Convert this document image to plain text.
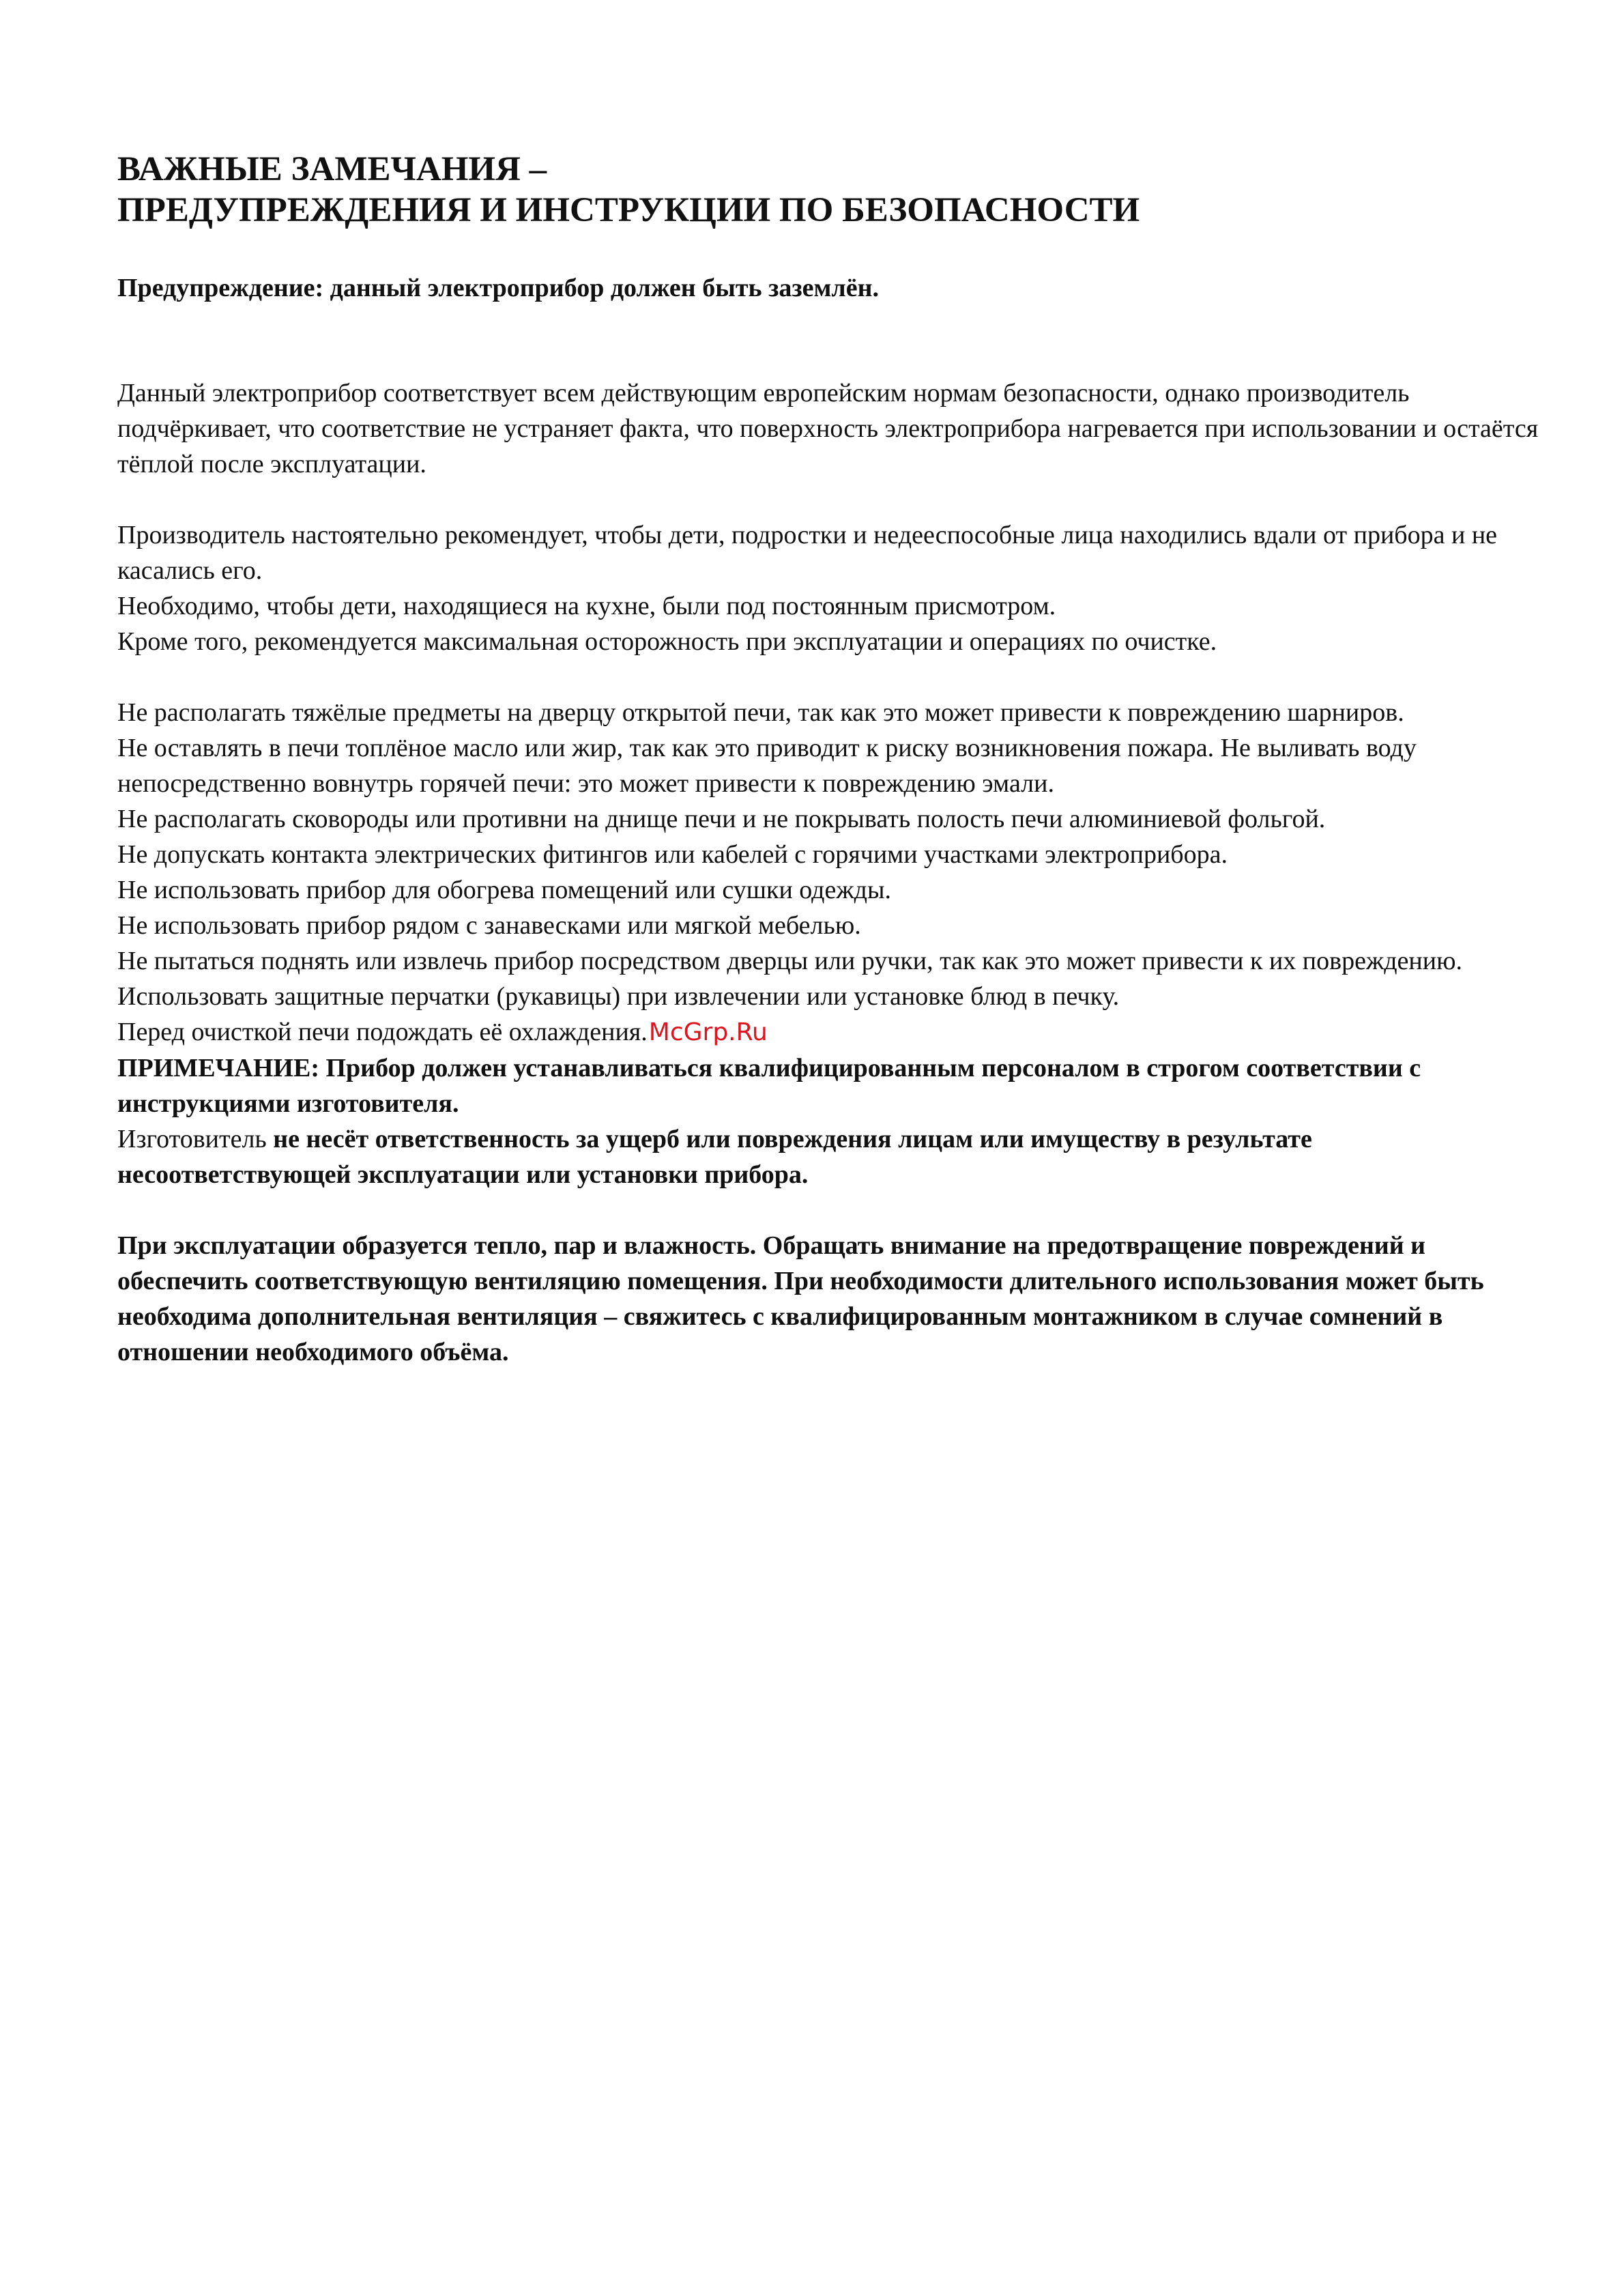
ВАЖНЫЕ ЗАМЕЧАНИЯ –
ПРЕДУПРЕЖДЕНИЯ И ИНСТРУКЦИИ ПО БЕЗОПАСНОСТИ
Предупреждение: данный электроприбор должен быть заземлён.

Данный электроприбор соответствует всем действующим европейским нормам безопасности, однако производитель подчёркивает, что соответствие не устраняет факта, что поверхность электроприбора нагревается при использовании и остаётся тёплой после эксплуатации.

Производитель настоятельно рекомендует, чтобы дети, подростки и недееспособные лица находились вдали от прибора и не касались его.
Необходимо, чтобы дети, находящиеся на кухне, были под постоянным присмотром.
Кроме того, рекомендуется максимальная осторожность при эксплуатации и операциях по очистке.

Не располагать тяжёлые предметы на дверцу открытой печи, так как это может привести к повреждению шарниров.
Не оставлять в печи топлёное масло или жир, так как это приводит к риску возникновения пожара. Не выливать воду непосредственно вовнутрь горячей печи: это может привести к повреждению эмали.
Не располагать сковороды или противни на днище печи и не покрывать полость печи алюминиевой фольгой.
Не допускать контакта электрических фитингов или кабелей с горячими участками электроприбора.
Не использовать прибор для обогрева помещений или сушки одежды.
Не использовать прибор рядом с занавесками или мягкой мебелью.
Не пытаться поднять или извлечь прибор посредством дверцы или ручки, так как это может привести к их повреждению.
Использовать защитные перчатки (рукавицы) при извлечении или установке блюд в печку.
Перед очисткой печи подождать её охлаждения.McGrp.Ru

ПРИМЕЧАНИЕ: Прибор должен устанавливаться квалифицированным персоналом в строгом соответствии с инструкциями изготовителя.
Изготовитель не несёт ответственность за ущерб или повреждения лицам или имуществу в результате несоответствующей эксплуатации или установки прибора.

При эксплуатации образуется тепло, пар и влажность. Обращать внимание на предотвращение повреждений и обеспечить соответствующую вентиляцию помещения. При необходимости длительного использования может быть необходима дополнительная вентиляция – свяжитесь с квалифицированным монтажником в случае сомнений в отношении необходимого объёма.
